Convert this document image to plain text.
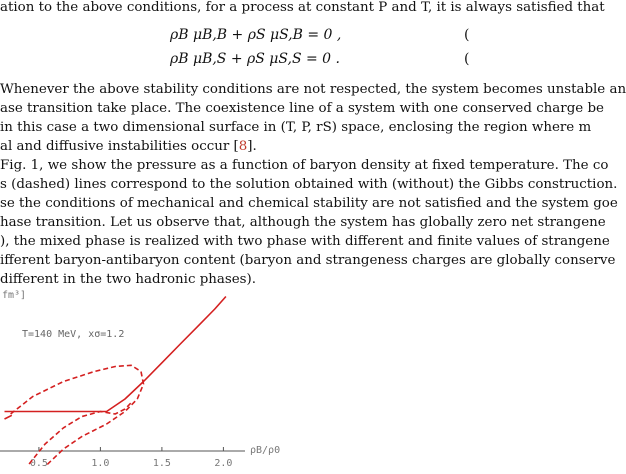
ation to the above conditions, for a process at constant P and T, it is always satisfied that
ρB μB,B + ρS μS,B = 0 ,	(
ρB μB,S + ρS μS,S = 0 .	(
Whenever the above stability conditions are not respected, the system becomes unstable an
ase transition take place. The coexistence line of a system with one conserved charge be
in this case a two dimensional surface in (T, P, rS) space, enclosing the region where m
al and diffusive instabilities occur [8].
Fig. 1, we show the pressure as a function of baryon density at fixed temperature. The co
s (dashed) lines correspond to the solution obtained with (without) the Gibbs construction.
se the conditions of mechanical and chemical stability are not satisfied and the system goe
hase transition. Let us observe that, although the system has globally zero net strangene
), the mixed phase is realized with two phase with different and finite values of strangene
ifferent baryon-antibaryon content (baryon and strangeness charges are globally conserve
different in the two hadronic phases).
fm³]
T=140 MeV, xσ=1.2
0.5	1.0	1.5	2.0
ρB/ρ0
